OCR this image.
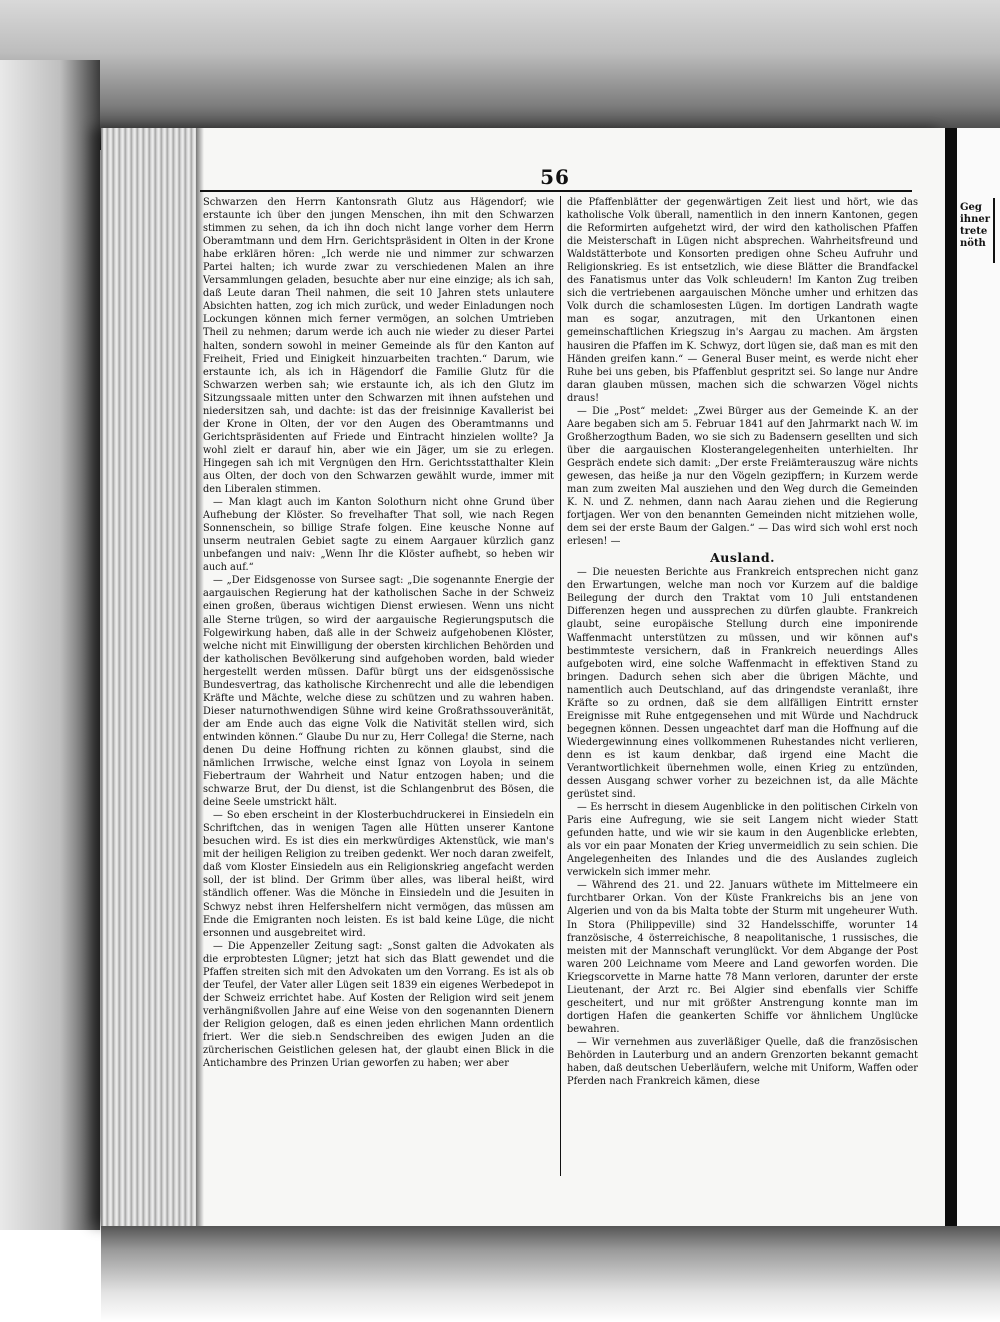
Geg
ihner
trete
nöth
56

Schwarzen den Herrn Kantonsrath Glutz aus Hägendorf; wie erstaunte ich über den jungen Menschen, ihn mit den Schwarzen stimmen zu sehen, da ich ihn doch nicht lange vorher dem Herrn Oberamtmann und dem Hrn. Gerichtspräsident in Olten in der Krone habe erklären hören: „Ich werde nie und nimmer zur schwarzen Partei halten; ich wurde zwar zu verschiedenen Malen an ihre Versammlungen geladen, besuchte aber nur eine einzige; als ich sah, daß Leute daran Theil nahmen, die seit 10 Jahren stets unlautere Absichten hatten, zog ich mich zurück, und weder Einladungen noch Lockungen können mich ferner vermögen, an solchen Umtrieben Theil zu nehmen; darum werde ich auch nie wieder zu dieser Partei halten, sondern sowohl in meiner Gemeinde als für den Kanton auf Freiheit, Fried und Einigkeit hinzuarbeiten trachten.“ Darum, wie erstaunte ich, als ich in Hägendorf die Familie Glutz für die Schwarzen werben sah; wie erstaunte ich, als ich den Glutz im Sitzungssaale mitten unter den Schwarzen mit ihnen aufstehen und niedersitzen sah, und dachte: ist das der freisinnige Kavallerist bei der Krone in Olten, der vor den Augen des Oberamtmanns und Gerichtspräsidenten auf Friede und Eintracht hinzielen wollte? Ja wohl zielt er darauf hin, aber wie ein Jäger, um sie zu erlegen. Hingegen sah ich mit Vergnügen den Hrn. Gerichtsstatthalter Klein aus Olten, der doch von den Schwarzen gewählt wurde, immer mit den Liberalen stimmen.

— Man klagt auch im Kanton Solothurn nicht ohne Grund über Aufhebung der Klöster. So frevelhafter That soll, wie nach Regen Sonnenschein, so billige Strafe folgen. Eine keusche Nonne auf unserm neutralen Gebiet sagte zu einem Aargauer kürzlich ganz unbefangen und naiv: „Wenn Ihr die Klöster aufhebt, so heben wir auch auf.“

— „Der Eidsgenosse von Sursee sagt: „Die sogenannte Energie der aargauischen Regierung hat der katholischen Sache in der Schweiz einen großen, überaus wichtigen Dienst erwiesen. Wenn uns nicht alle Sterne trügen, so wird der aargauische Regierungsputsch die Folgewirkung haben, daß alle in der Schweiz aufgehobenen Klöster, welche nicht mit Einwilligung der obersten kirchlichen Behörden und der katholischen Bevölkerung sind aufgehoben worden, bald wieder hergestellt werden müssen. Dafür bürgt uns der eidsgenössische Bundesvertrag, das katholische Kirchenrecht und alle die lebendigen Kräfte und Mächte, welche diese zu schützen und zu wahren haben. Dieser naturnothwendigen Sühne wird keine Großrathssouveränität, der am Ende auch das eigne Volk die Nativität stellen wird, sich entwinden können.“ Glaube Du nur zu, Herr Collega! die Sterne, nach denen Du deine Hoffnung richten zu können glaubst, sind die nämlichen Irrwische, welche einst Ignaz von Loyola in seinem Fiebertraum der Wahrheit und Natur entzogen haben; und die schwarze Brut, der Du dienst, ist die Schlangenbrut des Bösen, die deine Seele umstrickt hält.

— So eben erscheint in der Klosterbuchdruckerei in Einsiedeln ein Schriftchen, das in wenigen Tagen alle Hütten unserer Kantone besuchen wird. Es ist dies ein merkwürdiges Aktenstück, wie man's mit der heiligen Religion zu treiben gedenkt. Wer noch daran zweifelt, daß vom Kloster Einsiedeln aus ein Religionskrieg angefacht werden soll, der ist blind. Der Grimm über alles, was liberal heißt, wird ständlich offener. Was die Mönche in Einsiedeln und die Jesuiten in Schwyz nebst ihren Helfershelfern nicht vermögen, das müssen am Ende die Emigranten noch leisten. Es ist bald keine Lüge, die nicht ersonnen und ausgebreitet wird.

— Die Appenzeller Zeitung sagt: „Sonst galten die Advokaten als die erprobtesten Lügner; jetzt hat sich das Blatt gewendet und die Pfaffen streiten sich mit den Advokaten um den Vorrang. Es ist als ob der Teufel, der Vater aller Lügen seit 1839 ein eigenes Werbedepot in der Schweiz errichtet habe. Auf Kosten der Religion wird seit jenem verhängnißvollen Jahre auf eine Weise von den sogenannten Dienern der Religion gelogen, daß es einen jeden ehrlichen Mann ordentlich friert. Wer die sieb.n Sendschreiben des ewigen Juden an die zürcherischen Geistlichen gelesen hat, der glaubt einen Blick in die Antichambre des Prinzen Urian geworfen zu haben; wer aber

die Pfaffenblätter der gegenwärtigen Zeit liest und hört, wie das katholische Volk überall, namentlich in den innern Kantonen, gegen die Reformirten aufgehetzt wird, der wird den katholischen Pfaffen die Meisterschaft in Lügen nicht absprechen. Wahrheitsfreund und Waldstätterbote und Konsorten predigen ohne Scheu Aufruhr und Religionskrieg. Es ist entsetzlich, wie diese Blätter die Brandfackel des Fanatismus unter das Volk schleudern! Im Kanton Zug treiben sich die vertriebenen aargauischen Mönche umher und erhitzen das Volk durch die schamlosesten Lügen. Im dortigen Landrath wagte man es sogar, anzutragen, mit den Urkantonen einen gemeinschaftlichen Kriegszug in's Aargau zu machen. Am ärgsten hausiren die Pfaffen im K. Schwyz, dort lügen sie, daß man es mit den Händen greifen kann.“ — General Buser meint, es werde nicht eher Ruhe bei uns geben, bis Pfaffenblut gespritzt sei. So lange nur Andre daran glauben müssen, machen sich die schwarzen Vögel nichts draus!

— Die „Post“ meldet: „Zwei Bürger aus der Gemeinde K. an der Aare begaben sich am 5. Februar 1841 auf den Jahrmarkt nach W. im Großherzogthum Baden, wo sie sich zu Badensern gesellten und sich über die aargauischen Klosterangelegenheiten unterhielten. Ihr Gespräch endete sich damit: „Der erste Freiämterauszug wäre nichts gewesen, das heiße ja nur den Vögeln gezipffern; in Kurzem werde man zum zweiten Mal ausziehen und den Weg durch die Gemeinden K. N. und Z. nehmen, dann nach Aarau ziehen und die Regierung fortjagen. Wer von den benannten Gemeinden nicht mitziehen wolle, dem sei der erste Baum der Galgen.“ — Das wird sich wohl erst noch erlesen! —

Ausland.

— Die neuesten Berichte aus Frankreich entsprechen nicht ganz den Erwartungen, welche man noch vor Kurzem auf die baldige Beilegung der durch den Traktat vom 10 Juli entstandenen Differenzen hegen und aussprechen zu dürfen glaubte. Frankreich glaubt, seine europäische Stellung durch eine imponirende Waffenmacht unterstützen zu müssen, und wir können auf's bestimmteste versichern, daß in Frankreich neuerdings Alles aufgeboten wird, eine solche Waffenmacht in effektiven Stand zu bringen. Dadurch sehen sich aber die übrigen Mächte, und namentlich auch Deutschland, auf das dringendste veranlaßt, ihre Kräfte so zu ordnen, daß sie dem allfälligen Eintritt ernster Ereignisse mit Ruhe entgegensehen und mit Würde und Nachdruck begegnen können. Dessen ungeachtet darf man die Hoffnung auf die Wiedergewinnung eines vollkommenen Ruhestandes nicht verlieren, denn es ist kaum denkbar, daß irgend eine Macht die Verantwortlichkeit übernehmen wolle, einen Krieg zu entzünden, dessen Ausgang schwer vorher zu bezeichnen ist, da alle Mächte gerüstet sind.

— Es herrscht in diesem Augenblicke in den politischen Cirkeln von Paris eine Aufregung, wie sie seit Langem nicht wieder Statt gefunden hatte, und wie wir sie kaum in den Augenblicke erlebten, als vor ein paar Monaten der Krieg unvermeidlich zu sein schien. Die Angelegenheiten des Inlandes und die des Auslandes zugleich verwickeln sich immer mehr.

— Während des 21. und 22. Januars wüthete im Mittelmeere ein furchtbarer Orkan. Von der Küste Frankreichs bis an jene von Algerien und von da bis Malta tobte der Sturm mit ungeheurer Wuth. In Stora (Philippeville) sind 32 Handelsschiffe, worunter 14 französische, 4 österreichische, 8 neapolitanische, 1 russisches, die meisten mit der Mannschaft verunglückt. Vor dem Abgange der Post waren 200 Leichname vom Meere and Land geworfen worden. Die Kriegscorvette in Marne hatte 78 Mann verloren, darunter der erste Lieutenant, der Arzt rc. Bei Algier sind ebenfalls vier Schiffe gescheitert, und nur mit größter Anstrengung konnte man im dortigen Hafen die geankerten Schiffe vor ähnlichem Unglücke bewahren.

— Wir vernehmen aus zuverläßiger Quelle, daß die französischen Behörden in Lauterburg und an andern Grenzorten bekannt gemacht haben, daß deutschen Ueberläufern, welche mit Uniform, Waffen oder Pferden nach Frankreich kämen, diese
